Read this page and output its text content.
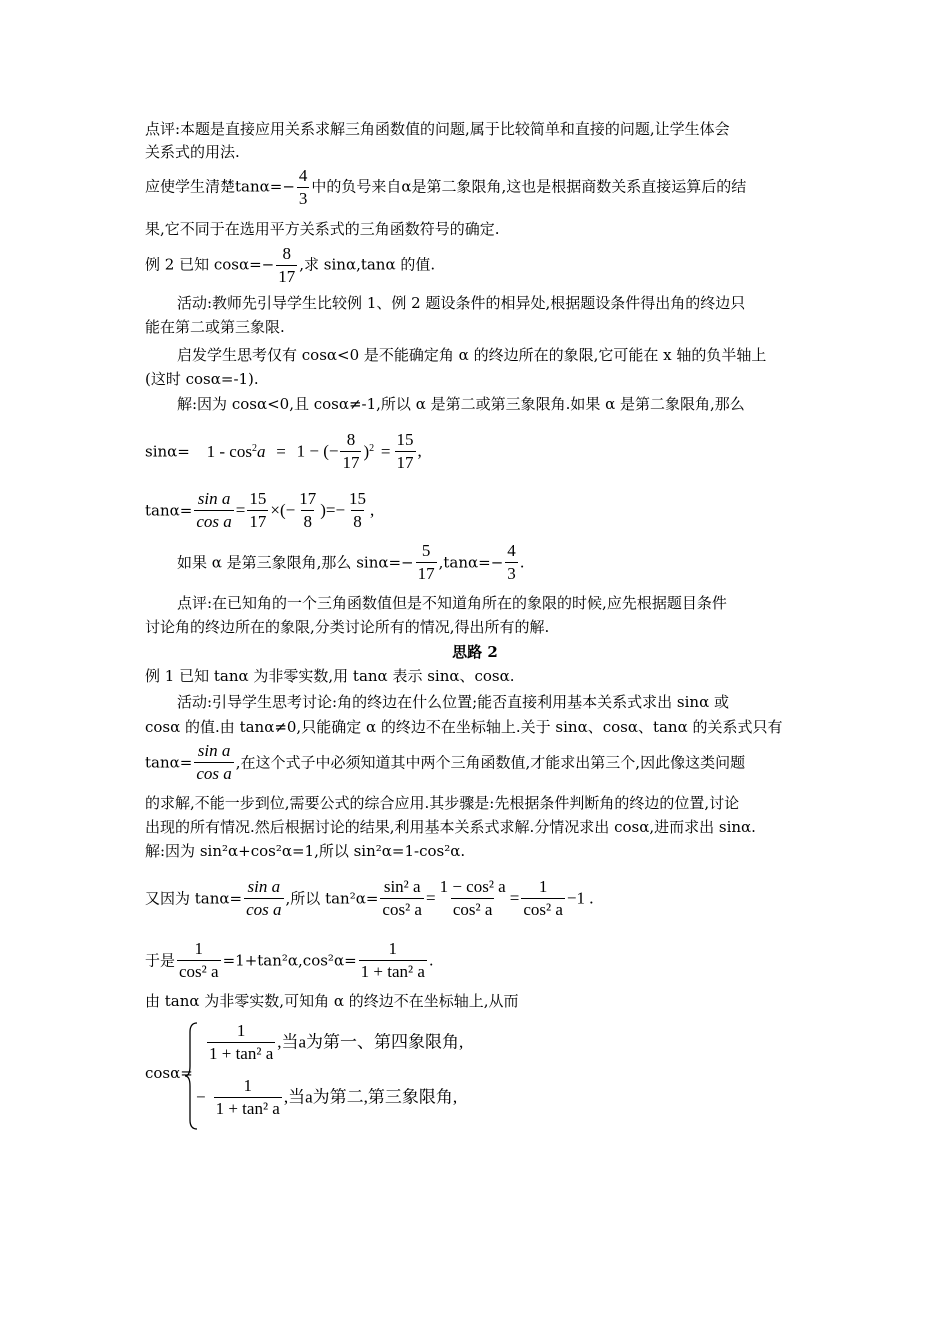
点评:本题是直接应用关系求解三角函数值的问题,属于比较简单和直接的问题,让学生体会
关系式的用法.
应使学生清楚$\tan\alpha=- \frac{4}{3}$ 中的负号来自α是第二象限角,这也是根据商数关系直接运算后的结
果,它不同于在选用平方关系式的三角函数符号的确定.
例 2 已知 $\cos\alpha=- \frac{8}{17}$ ,求 sinα,tanα 的值.
活动:教师先引导学生比较例 1、例 2 题设条件的相异处,根据题设条件得出角的终边只
能在第二或第三象限.
启发学生思考仅有 cosα<0 是不能确定角 α 的终边所在的象限,它可能在 x 轴的负半轴上
(这时 cosα=-1).
解:因为 cosα<0,且 cosα≠-1,所以 α 是第二或第三象限角.如果 α 是第二象限角,那么
$\sin\alpha= 1 - \cos^2a = 1$ − (− $\frac{8}{17} )^2 = \frac{15}{17}$ ,
$\tan\alpha= \frac{\text{sin a}}{\text{cos a}} = \frac{15}{17}$ ×(− $\frac{17}{8}$ )=− $\frac{15}{8}$ ,
如果 α 是第三象限角,那么 $\sin\alpha=- \frac{5}{17} ,\tan\alpha=- \frac{4}{3}$ .
点评:在已知角的一个三角函数值但是不知道角所在的象限的时候,应先根据题目条件
讨论角的终边所在的象限,分类讨论所有的情况,得出所有的解.
思路 2
例 1 已知 tanα 为非零实数,用 tanα 表示 sinα、cosα.
活动:引导学生思考讨论:角的终边在什么位置;能否直接利用基本关系式求出 sinα 或
cosα 的值.由 tanα≠0,只能确定 α 的终边不在坐标轴上.关于 sinα、cosα、tanα 的关系式只有
$\tan\alpha= \frac{\text{sin a}}{\text{cos a}}$ ,在这个式子中必须知道其中两个三角函数值,才能求出第三个,因此像这类问题
的求解,不能一步到位,需要公式的综合应用.其步骤是:先根据条件判断角的终边的位置,讨论
出现的所有情况.然后根据讨论的结果,利用基本关系式求解.分情况求出 cosα,进而求出 sinα.
解:因为 sin²α+cos²α=1,所以 sin²α=1-cos²α.
又因为 $\tan\alpha= \frac{\text{sin a}}{\text{cos a}}$ ,所以 $\tan^2\alpha= \frac{\text{sin² a}}{\text{cos² a}} = \frac{\text{1 − cos² a}}{\text{cos² a}} = \frac{1}{\text{cos² a}} -1$ .
于是 $\frac{1}{\text{cos² a}} =1+\tan^2\alpha,\cos^2\alpha= \frac{1}{\text{1 + tan² a}}$ .
由 tanα 为非零实数,可知角 α 的终边不在坐标轴上,从而
cosα=
$\frac{1}{\text{1 + tan² a}}$ ,当a为第一、第四象限角,
− $\frac{1}{\text{1 + tan² a}}$ ,当a为第二,第三象限角,
